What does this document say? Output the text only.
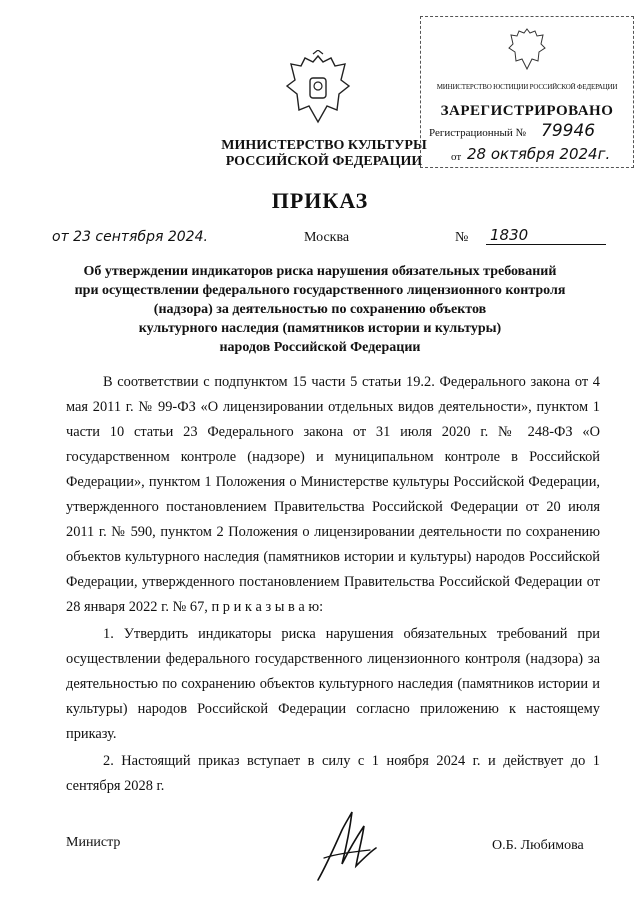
МИНИСТЕРСТВО КУЛЬТУРЫ
РОССИЙСКОЙ ФЕДЕРАЦИИ
МИНИСТЕРСТВО ЮСТИЦИИ РОССИЙСКОЙ ФЕДЕРАЦИИ
ЗАРЕГИСТРИРОВАНО
Регистрационный № 79946
от 28 октября 2024г.
ПРИКАЗ
от 23 сентября 2024.	Москва	№ 1830
Об утверждении индикаторов риска нарушения обязательных требований
при осуществлении федерального государственного лицензионного контроля
(надзора) за деятельностью по сохранению объектов
культурного наследия (памятников истории и культуры)
народов Российской Федерации

В соответствии с подпунктом 15 части 5 статьи 19.2. Федерального закона от 4 мая 2011 г. № 99-ФЗ «О лицензировании отдельных видов деятельности», пунктом 1 части 10 статьи 23 Федерального закона от 31 июля 2020 г. № 248-ФЗ «О государственном контроле (надзоре) и муниципальном контроле в Российской Федерации», пунктом 1 Положения о Министерстве культуры Российской Федерации, утвержденного постановлением Правительства Российской Федерации от 20 июля 2011 г. № 590, пунктом 2 Положения о лицензировании деятельности по сохранению объектов культурного наследия (памятников истории и культуры) народов Российской Федерации, утвержденного постановлением Правительства Российской Федерации от 28 января 2022 г. № 67, п р и к а з ы в а ю:

1. Утвердить индикаторы риска нарушения обязательных требований при осуществлении федерального государственного лицензионного контроля (надзора) за деятельностью по сохранению объектов культурного наследия (памятников истории и культуры) народов Российской Федерации согласно приложению к настоящему приказу.

2. Настоящий приказ вступает в силу с 1 ноября 2024 г. и действует до 1 сентября 2028 г.

Министр	О.Б. Любимова
